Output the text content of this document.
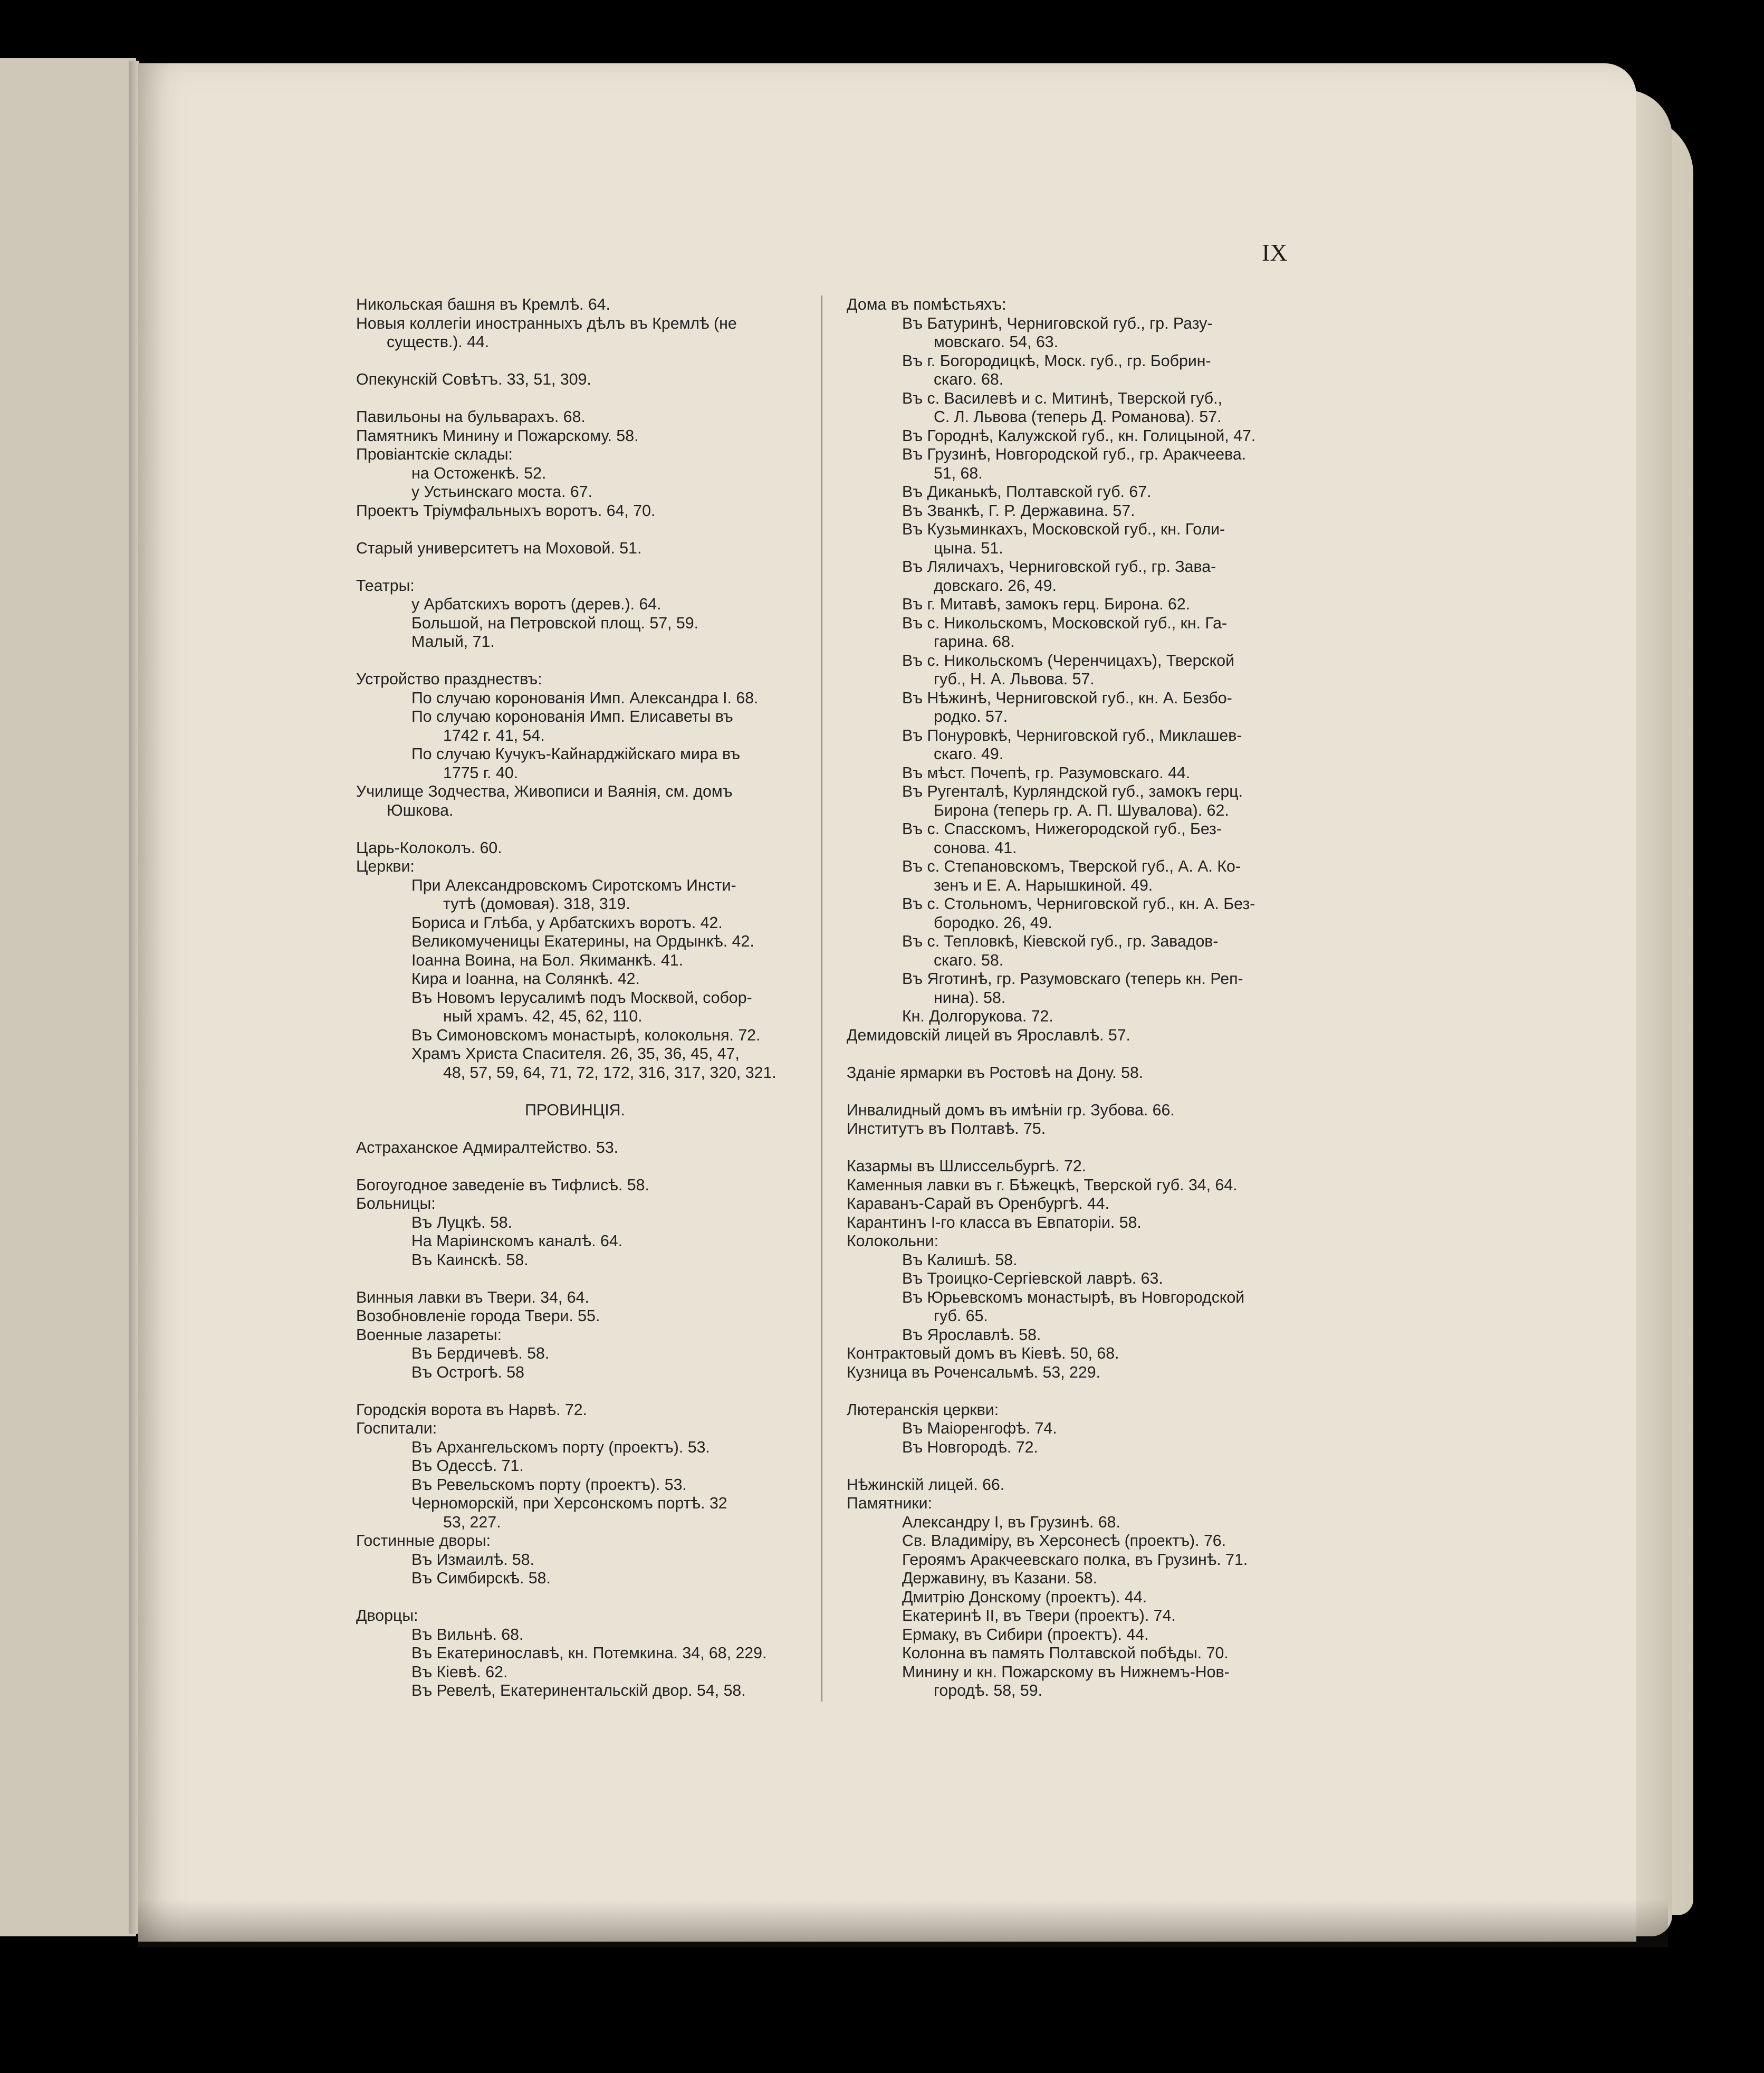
IX
Никольская башня въ Кремлѣ. 64.
Новыя коллегіи иностранныхъ дѣлъ въ Кремлѣ (не
существ.). 44.
Опекунскій Совѣтъ. 33, 51, 309.
Павильоны на бульварахъ. 68.
Памятникъ Минину и Пожарскому. 58.
Провіантскіе склады:
на Остоженкѣ. 52.
у Устьинскаго моста. 67.
Проектъ Тріумфальныхъ воротъ. 64, 70.
Старый университетъ на Моховой. 51.
Театры:
у Арбатскихъ воротъ (дерев.). 64.
Большой, на Петровской площ. 57, 59.
Малый, 71.
Устройство празднествъ:
По случаю коронованія Имп. Александра I. 68.
По случаю коронованія Имп. Елисаветы въ
1742 г. 41, 54.
По случаю Кучукъ-Кайнарджійскаго мира въ
1775 г. 40.
Училище Зодчества, Живописи и Ваянія, см. домъ
Юшкова.
Царь-Колоколъ. 60.
Церкви:
При Александровскомъ Сиротскомъ Инсти-
тутѣ (домовая). 318, 319.
Бориса и Глѣба, у Арбатскихъ воротъ. 42.
Великомученицы Екатерины, на Ордынкѣ. 42.
Іоанна Воина, на Бол. Якиманкѣ. 41.
Кира и Іоанна, на Солянкѣ. 42.
Въ Новомъ Іерусалимѣ подъ Москвой, собор-
ный храмъ. 42, 45, 62, 110.
Въ Симоновскомъ монастырѣ, колокольня. 72.
Храмъ Христа Спасителя. 26, 35, 36, 45, 47,
48, 57, 59, 64, 71, 72, 172, 316, 317, 320, 321.
ПРОВИНЦІЯ.
Астраханское Адмиралтейство. 53.
Богоугодное заведеніе въ Тифлисѣ. 58.
Больницы:
Въ Луцкѣ. 58.
На Маріинскомъ каналѣ. 64.
Въ Каинскѣ. 58.
Винныя лавки въ Твери. 34, 64.
Возобновленіе города Твери. 55.
Военные лазареты:
Въ Бердичевѣ. 58.
Въ Острогѣ. 58
Городскія ворота въ Нарвѣ. 72.
Госпитали:
Въ Архангельскомъ порту (проектъ). 53.
Въ Одессѣ. 71.
Въ Ревельскомъ порту (проектъ). 53.
Черноморскій, при Херсонскомъ портѣ. 32
53, 227.
Гостинные дворы:
Въ Измаилѣ. 58.
Въ Симбирскѣ. 58.
Дворцы:
Въ Вильнѣ. 68.
Въ Екатеринославѣ, кн. Потемкина. 34, 68, 229.
Въ Кіевѣ. 62.
Въ Ревелѣ, Екатеринентальскій двор. 54, 58.
Дома въ помѣстьяхъ:
Въ Батуринѣ, Черниговской губ., гр. Разу-
мовскаго. 54, 63.
Въ г. Богородицкѣ, Моск. губ., гр. Бобрин-
скаго. 68.
Въ с. Василевѣ и с. Митинѣ, Тверской губ.,
С. Л. Львова (теперь Д. Романова). 57.
Въ Городнѣ, Калужской губ., кн. Голицыной, 47.
Въ Грузинѣ, Новгородской губ., гр. Аракчеева.
51, 68.
Въ Диканькѣ, Полтавской губ. 67.
Въ Званкѣ, Г. Р. Державина. 57.
Въ Кузьминкахъ, Московской губ., кн. Голи-
цына. 51.
Въ Ляличахъ, Черниговской губ., гр. Зава-
довскаго. 26, 49.
Въ г. Митавѣ, замокъ герц. Бирона. 62.
Въ с. Никольскомъ, Московской губ., кн. Га-
гарина. 68.
Въ с. Никольскомъ (Черенчицахъ), Тверской
губ., Н. А. Львова. 57.
Въ Нѣжинѣ, Черниговской губ., кн. А. Безбо-
родко. 57.
Въ Понуровкѣ, Черниговской губ., Миклашев-
скаго. 49.
Въ мѣст. Почепѣ, гр. Разумовскаго. 44.
Въ Ругенталѣ, Курляндской губ., замокъ герц.
Бирона (теперь гр. А. П. Шувалова). 62.
Въ с. Спасскомъ, Нижегородской губ., Без-
сонова. 41.
Въ с. Степановскомъ, Тверской губ., А. А. Ко-
зенъ и Е. А. Нарышкиной. 49.
Въ с. Стольномъ, Черниговской губ., кн. А. Без-
бородко. 26, 49.
Въ с. Тепловкѣ, Кіевской губ., гр. Завадов-
скаго. 58.
Въ Яготинѣ, гр. Разумовскаго (теперь кн. Реп-
нина). 58.
Кн. Долгорукова. 72.
Демидовскій лицей въ Ярославлѣ. 57.
Зданіе ярмарки въ Ростовѣ на Дону. 58.
Инвалидный домъ въ имѣніи гр. Зубова. 66.
Институтъ въ Полтавѣ. 75.
Казармы въ Шлиссельбургѣ. 72.
Каменныя лавки въ г. Бѣжецкѣ, Тверской губ. 34, 64.
Караванъ-Сарай въ Оренбургѣ. 44.
Карантинъ I-го класса въ Евпаторіи. 58.
Колокольни:
Въ Калишѣ. 58.
Въ Троицко-Сергіевской лаврѣ. 63.
Въ Юрьевскомъ монастырѣ, въ Новгородской
губ. 65.
Въ Ярославлѣ. 58.
Контрактовый домъ въ Кіевѣ. 50, 68.
Кузница въ Роченсальмѣ. 53, 229.
Лютеранскія церкви:
Въ Маіоренгофѣ. 74.
Въ Новгородѣ. 72.
Нѣжинскій лицей. 66.
Памятники:
Александру I, въ Грузинѣ. 68.
Св. Владиміру, въ Херсонесѣ (проектъ). 76.
Героямъ Аракчеевскаго полка, въ Грузинѣ. 71.
Державину, въ Казани. 58.
Дмитрію Донскому (проектъ). 44.
Екатеринѣ II, въ Твери (проектъ). 74.
Ермаку, въ Сибири (проектъ). 44.
Колонна въ память Полтавской побѣды. 70.
Минину и кн. Пожарскому въ Нижнемъ-Нов-
городѣ. 58, 59.
